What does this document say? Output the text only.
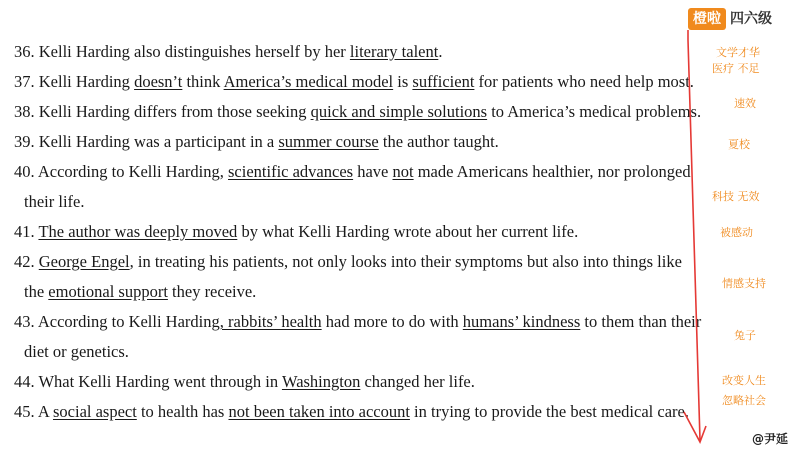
橙啦 四六级
36. Kelli Harding also distinguishes herself by her literary talent.
37. Kelli Harding doesn’t think America’s medical model is sufficient for patients who need help most.
38. Kelli Harding differs from those seeking quick and simple solutions to America’s medical problems.
39. Kelli Harding was a participant in a summer course the author taught.
40. According to Kelli Harding, scientific advances have not made Americans healthier, nor prolonged
their life.
41. The author was deeply moved by what Kelli Harding wrote about her current life.
42. George Engel, in treating his patients, not only looks into their symptoms but also into things like
the emotional support they receive.
43. According to Kelli Harding, rabbits’ health had more to do with humans’ kindness to them than their
diet or genetics.
44. What Kelli Harding went through in Washington changed her life.
45. A social aspect to health has not been taken into account in trying to provide the best medical care.
文学才华
医疗 不足
速效
夏校
科技 无效
被感动
情感支持
兔子
改变人生
忽略社会
@尹延
